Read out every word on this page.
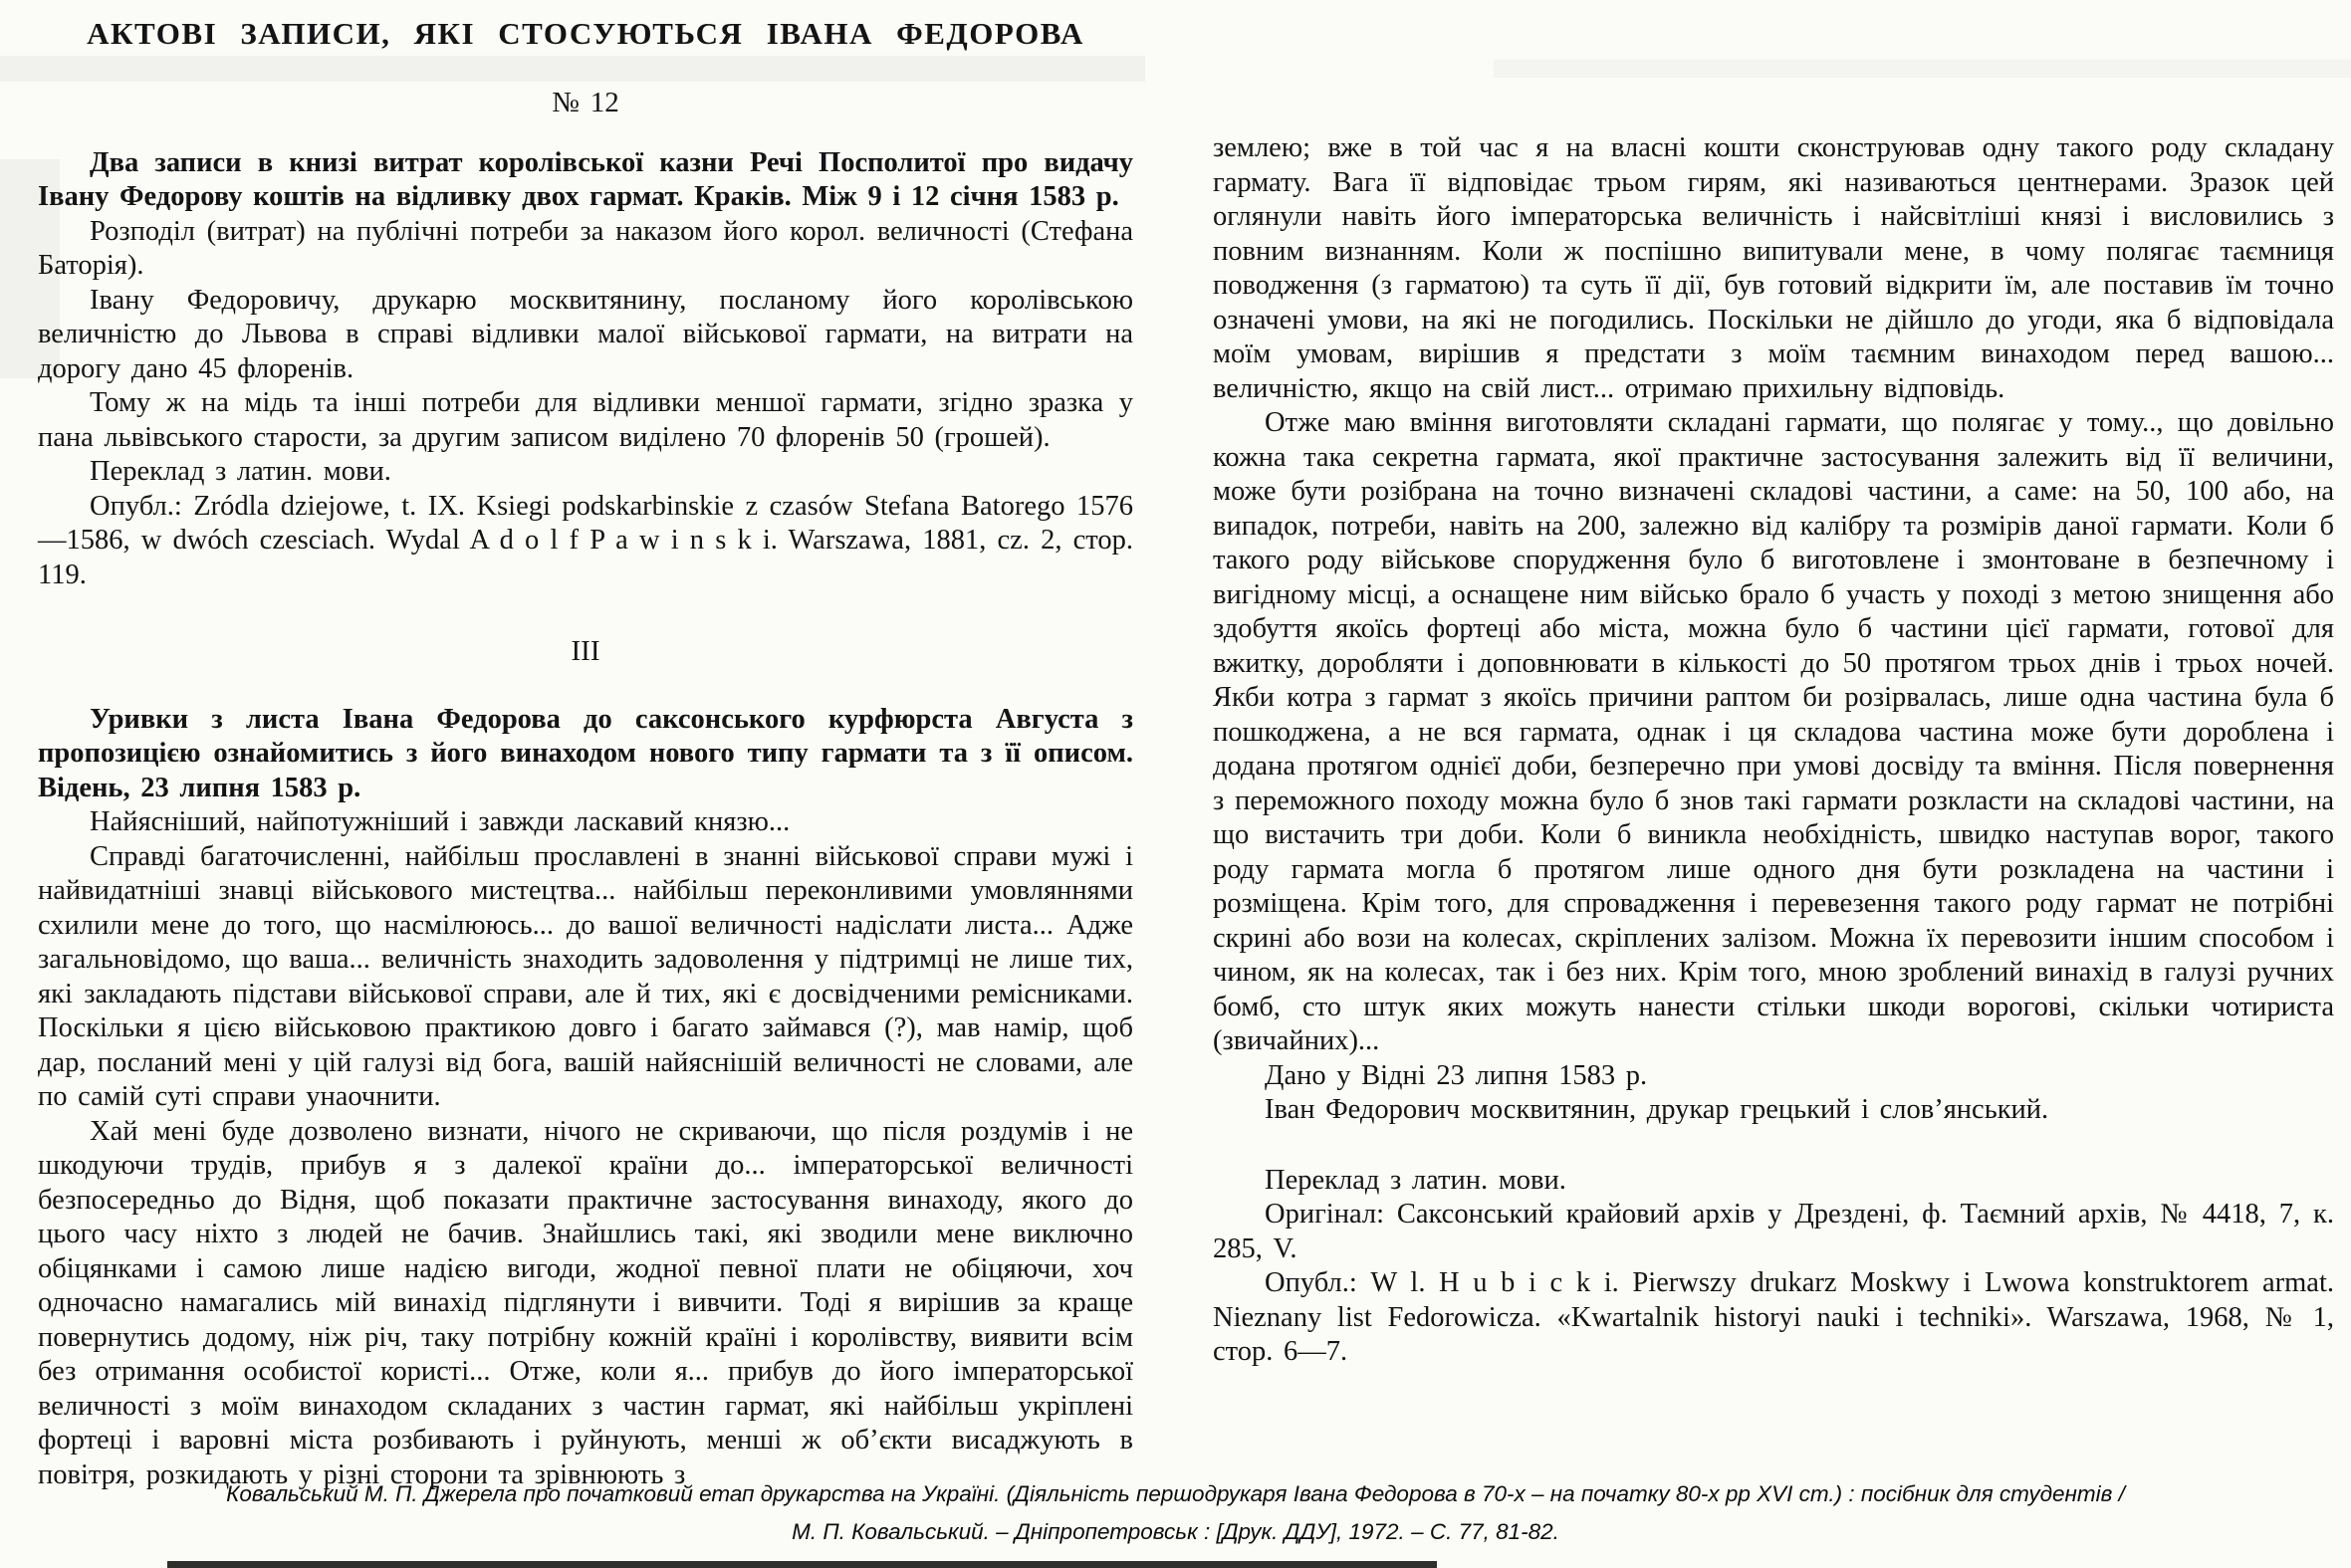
АКТОВІ ЗАПИСИ, ЯКІ СТОСУЮТЬСЯ ІВАНА ФЕДОРОВА
№ 12

Два записи в книзі витрат королівської казни Речі Посполитої про видачу Івану Федорову коштів на відливку двох гармат. Краків. Між 9 і 12 січня 1583 р.

Розподіл (витрат) на публічні потреби за наказом його корол. величності (Стефана Баторія).

Івану Федоровичу, друкарю москвитянину, посланому його королівською величністю до Львова в справі відливки малої військової гармати, на витрати на дорогу дано 45 флоренів.

Тому ж на мідь та інші потреби для відливки меншої гармати, згідно зразка у пана львівського старости, за другим записом виділено 70 флоренів 50 (грошей).

Переклад з латин. мови.

Опубл.: Zródla dziejowe, t. IX. Ksiegi podskarbinskie z czasów Stefana Batorego 1576—1586, w dwóch czesciach. Wydal A d o l f P a w i n s k i. Warszawa, 1881, cz. 2, стор. 119.

III

Уривки з листа Івана Федорова до саксонського курфюрста Августа з пропозицією ознайомитись з його винаходом нового типу гармати та з її описом. Відень, 23 липня 1583 р.

Найясніший, найпотужніший і завжди ласкавий князю...

Справді багаточисленні, найбільш прославлені в знанні військової справи мужі і найвидатніші знавці військового мистецтва... найбільш переконливими умовляннями схилили мене до того, що насмілююсь... до вашої величності надіслати листа... Адже загальновідомо, що ваша... величність знаходить задоволення у підтримці не лише тих, які закладають підстави військової справи, але й тих, які є досвідченими ремісниками. Поскільки я цією військовою практикою довго і багато займався (?), мав намір, щоб дар, посланий мені у цій галузі від бога, вашій найяснішій величності не словами, але по самій суті справи унаочнити.

Хай мені буде дозволено визнати, нічого не скриваючи, що після роздумів і не шкодуючи трудів, прибув я з далекої країни до... імператорської величності безпосередньо до Відня, щоб показати практичне застосування винаходу, якого до цього часу ніхто з людей не бачив. Знайшлись такі, які зводили мене виключно обіцянками і самою лише надією вигоди, жодної певної плати не обіцяючи, хоч одночасно намагались мій винахід підглянути і вивчити. Тоді я вирішив за краще повернутись додому, ніж річ, таку потрібну кожній країні і королівству, виявити всім без отримання особистої користі... Отже, коли я... прибув до його імператорської величності з моїм винаходом складаних з частин гармат, які найбільш укріплені фортеці і варовні міста розбивають і руйнують, менші ж об’єкти висаджують в повітря, розкидають у різні сторони та зрівнюють з

землею; вже в той час я на власні кошти сконструював одну такого роду складану гармату. Вага її відповідає трьом гирям, які називаються центнерами. Зразок цей оглянули навіть його імператорська величність і найсвітліші князі і висловились з повним визнанням. Коли ж поспішно випитували мене, в чому полягає таємниця поводження (з гарматою) та суть її дії, був готовий відкрити їм, але поставив їм точно означені умови, на які не погодились. Поскільки не дійшло до угоди, яка б відповідала моїм умовам, вирішив я предстати з моїм таємним винаходом перед вашою... величністю, якщо на свій лист... отримаю прихильну відповідь.

Отже маю вміння виготовляти складані гармати, що полягає у тому.., що довільно кожна така секретна гармата, якої практичне застосування залежить від її величини, може бути розібрана на точно визначені складові частини, а саме: на 50, 100 або, на випадок, потреби, навіть на 200, залежно від калібру та розмірів даної гармати. Коли б такого роду військове спорудження було б виготовлене і змонтоване в безпечному і вигідному місці, а оснащене ним військо брало б участь у поході з метою знищення або здобуття якоїсь фортеці або міста, можна було б частини цієї гармати, готової для вжитку, доробляти і доповнювати в кількості до 50 протягом трьох днів і трьох ночей. Якби котра з гармат з якоїсь причини раптом би розірвалась, лише одна частина була б пошкоджена, а не вся гармата, однак і ця складова частина може бути дороблена і додана протягом однієї доби, безперечно при умові досвіду та вміння. Після повернення з переможного походу можна було б знов такі гармати розкласти на складові частини, на що вистачить три доби. Коли б виникла необхідність, швидко наступав ворог, такого роду гармата могла б протягом лише одного дня бути розкладена на частини і розміщена. Крім того, для спровадження і перевезення такого роду гармат не потрібні скрині або вози на колесах, скріплених залізом. Можна їх перевозити іншим способом і чином, як на колесах, так і без них. Крім того, мною зроблений винахід в галузі ручних бомб, сто штук яких можуть нанести стільки шкоди ворогові, скільки чотириста (звичайних)...

Дано у Відні 23 липня 1583 р.

Іван Федорович москвитянин, друкар грецький і слов’янський.

Переклад з латин. мови.

Оригінал: Саксонський крайовий архів у Дрездені, ф. Таємний архів, № 4418, 7, к. 285, V.

Опубл.: W l. H u b i c k i. Pierwszy drukarz Moskwy i Lwowa konstruktorem armat. Nieznany list Fedorowicza. «Kwartalnik historyi nauki i techniki». Warszawa, 1968, № 1, стор. 6—7.

Ковальський М. П. Джерела про початковий етап друкарства на Україні. (Діяльність першодрукаря Івана Федорова в 70-х – на початку 80-х рр XVI ст.) : посібник для студентів /
М. П. Ковальський. – Дніпропетровськ : [Друк. ДДУ], 1972. – С. 77, 81-82.
